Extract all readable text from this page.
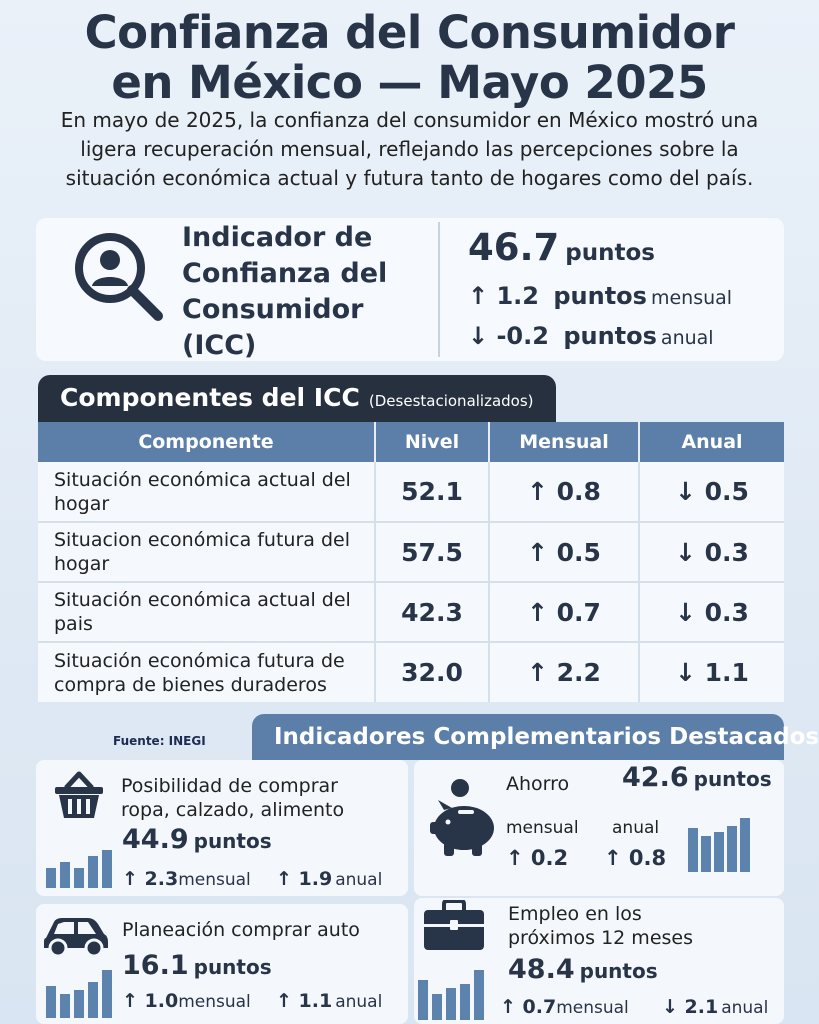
Confianza del Consumidor
en México — Mayo 2025
En mayo de 2025, la confianza del consumidor en México mostró una ligera recuperación mensual, reflejando las percepciones sobre la situación económica actual y futura tanto de hogares como del país.
Indicador de Confianza del Consumidor (ICC)
46.7 puntos
↑ 1.2 puntos mensual
↓ -0.2 puntos anual
Componentes del ICC (Desestacionalizados)
Componente	Nivel	Mensual	Anual
Situación económica actual del hogar	52.1	↑ 0.8	↓ 0.5
Situacion económica futura del hogar	57.5	↑ 0.5	↓ 0.3
Situación económica actual del pais	42.3	↑ 0.7	↓ 0.3
Situación económica futura de compra de bienes duraderos	32.0	↑ 2.2	↓ 1.1
Fuente: INEGI	Indicadores Complementarios Destacados
Posibilidad de comprar ropa, calzado, alimento
44.9 puntos
↑ 2.3mensual ↑ 1.9 anual
Planeación comprar auto
16.1 puntos
↑ 1.0mensual ↑ 1.1 anual
Ahorro 42.6 puntos
mensual anual
↑ 0.2 ↑ 0.8
Empleo en los próximos 12 meses
48.4 puntos
↑ 0.7mensual ↓ 2.1 anual
